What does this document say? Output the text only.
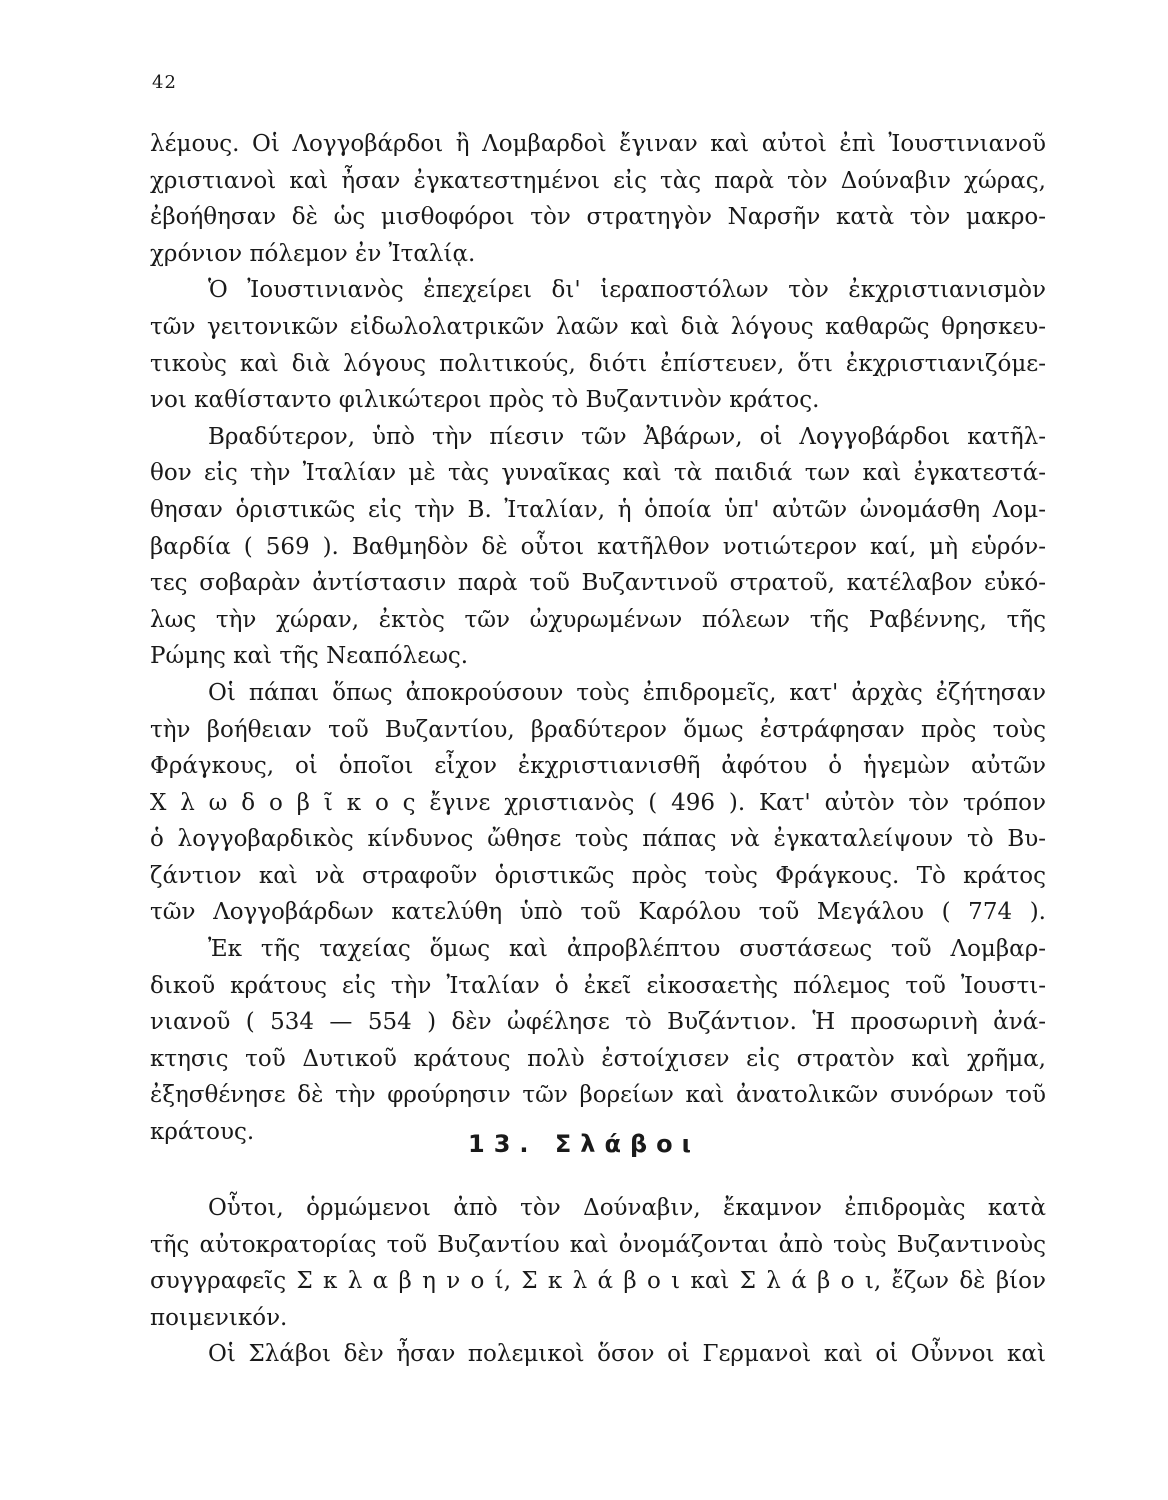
42
λέμους. Οἱ Λογγοβάρδοι ἢ Λομβαρδοὶ ἔγιναν καὶ αὐτοὶ ἐπὶ Ἰουστινιανοῦ
χριστιανοὶ καὶ ἦσαν ἐγκατεστημένοι εἰς τὰς παρὰ τὸν Δούναβιν χώρας,
ἐβοήθησαν δὲ ὡς μισθοφόροι τὸν στρατηγὸν Ναρσῆν κατὰ τὸν μακρο-
χρόνιον πόλεμον ἐν Ἰταλίᾳ.
Ὁ Ἰουστινιανὸς ἐπεχείρει δι' ἱεραποστόλων τὸν ἐκχριστιανισμὸν
τῶν γειτονικῶν εἰδωλολατρικῶν λαῶν καὶ διὰ λόγους καθαρῶς θρησκευ-
τικοὺς καὶ διὰ λόγους πολιτικούς, διότι ἐπίστευεν, ὅτι ἐκχριστιανιζόμε-
νοι καθίσταντο φιλικώτεροι πρὸς τὸ Βυζαντινὸν κράτος.
Βραδύτερον, ὑπὸ τὴν πίεσιν τῶν Ἀβάρων, οἱ Λογγοβάρδοι κατῆλ-
θον εἰς τὴν Ἰταλίαν μὲ τὰς γυναῖκας καὶ τὰ παιδιά των καὶ ἐγκατεστά-
θησαν ὁριστικῶς εἰς τὴν Β. Ἰταλίαν, ἡ ὁποία ὑπ' αὐτῶν ὠνομάσθη Λομ-
βαρδία ( 569 ). Βαθμηδὸν δὲ οὗτοι κατῆλθον νοτιώτερον καί, μὴ εὑρόν-
τες σοβαρὰν ἀντίστασιν παρὰ τοῦ Βυζαντινοῦ στρατοῦ, κατέλαβον εὐκό-
λως τὴν χώραν, ἐκτὸς τῶν ὠχυρωμένων πόλεων τῆς Ραβέννης, τῆς
Ρώμης καὶ τῆς Νεαπόλεως.
Οἱ πάπαι ὅπως ἀποκρούσουν τοὺς ἐπιδρομεῖς, κατ' ἀρχὰς ἐζήτησαν
τὴν βοήθειαν τοῦ Βυζαντίου, βραδύτερον ὅμως ἐστράφησαν πρὸς τοὺς
Φράγκους, οἱ ὁποῖοι εἶχον ἐκχριστιανισθῆ ἀφότου ὁ ἡγεμὼν αὐτῶν
Χ λ ω δ ο β ῖ κ ο ς ἔγινε χριστιανὸς ( 496 ). Κατ' αὐτὸν τὸν τρόπον
ὁ λογγοβαρδικὸς κίνδυνος ὤθησε τοὺς πάπας νὰ ἐγκαταλείψουν τὸ Βυ-
ζάντιον καὶ νὰ στραφοῦν ὁριστικῶς πρὸς τοὺς Φράγκους. Τὸ κράτος
τῶν Λογγοβάρδων κατελύθη ὑπὸ τοῦ Καρόλου τοῦ Μεγάλου ( 774 ).
Ἐκ τῆς ταχείας ὅμως καὶ ἀπροβλέπτου συστάσεως τοῦ Λομβαρ-
δικοῦ κράτους εἰς τὴν Ἰταλίαν ὁ ἐκεῖ εἰκοσαετὴς πόλεμος τοῦ Ἰουστι-
νιανοῦ ( 534 — 554 ) δὲν ὠφέλησε τὸ Βυζάντιον. Ἡ προσωρινὴ ἀνά-
κτησις τοῦ Δυτικοῦ κράτους πολὺ ἐστοίχισεν εἰς στρατὸν καὶ χρῆμα,
ἐξησθένησε δὲ τὴν φρούρησιν τῶν βορείων καὶ ἀνατολικῶν συνόρων τοῦ
κράτους.	13. Σλάβοι
Οὗτοι, ὁρμώμενοι ἀπὸ τὸν Δούναβιν, ἔκαμνον ἐπιδρομὰς κατὰ
τῆς αὐτοκρατορίας τοῦ Βυζαντίου καὶ ὀνομάζονται ἀπὸ τοὺς Βυζαντινοὺς
συγγραφεῖς Σ κ λ α β η ν ο ί, Σ κ λ ά β ο ι καὶ Σ λ ά β ο ι, ἔζων δὲ βίον
ποιμενικόν.
Οἱ Σλάβοι δὲν ἦσαν πολεμικοὶ ὅσον οἱ Γερμανοὶ καὶ οἱ Οὖννοι καὶ
